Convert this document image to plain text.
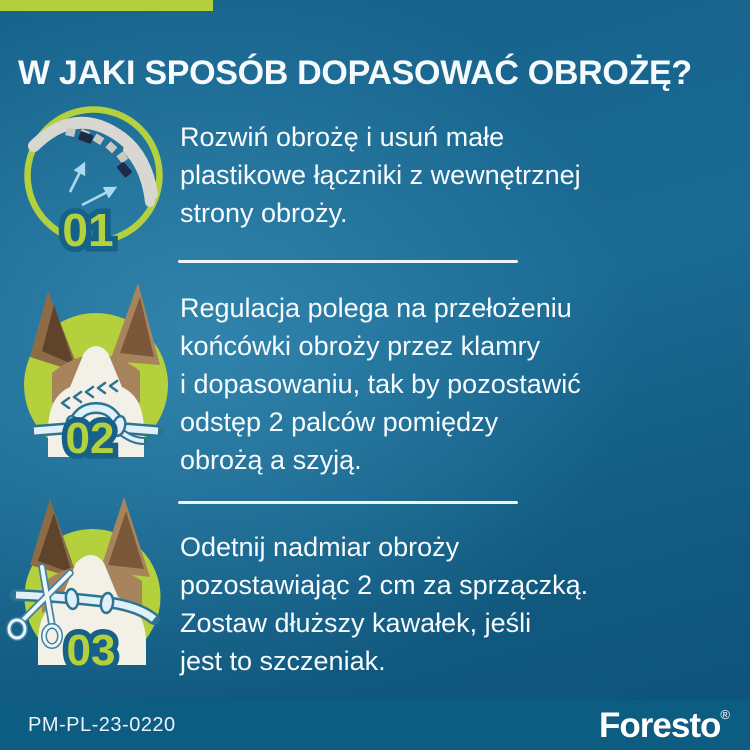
W JAKI SPOSÓB DOPASOWAĆ OBROŻĘ?
01
Rozwiń obrożę i usuń małe
plastikowe łączniki z wewnętrznej
strony obroży.
02
Regulacja polega na przełożeniu
końcówki obroży przez klamry
i dopasowaniu, tak by pozostawić
odstęp 2 palców pomiędzy
obrożą a szyją.
03
Odetnij nadmiar obroży
pozostawiając 2 cm za sprzączką.
Zostaw dłuższy kawałek, jeśli
jest to szczeniak.
PM-PL-23-0220	Foresto®
